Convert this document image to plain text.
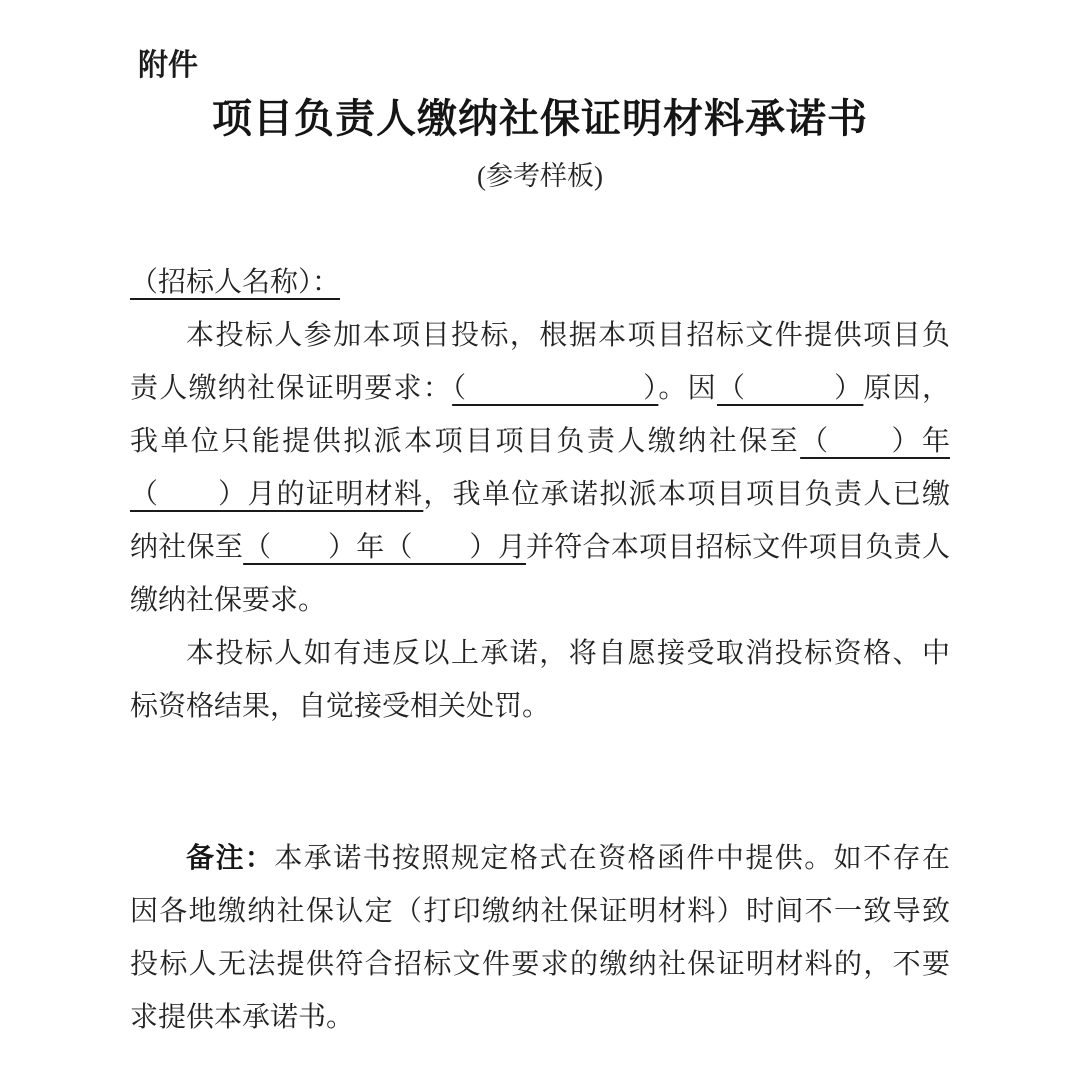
附件
项目负责人缴纳社保证明材料承诺书
(参考样板)
（招标人名称）：
本投标人参加本项目投标，根据本项目招标文件提供项目负
责人缴纳社保证明要求：（　　　　　　）。因（　　　）原因，
我单位只能提供拟派本项目项目负责人缴纳社保至（　　）年
（　　）月的证明材料，我单位承诺拟派本项目项目负责人已缴
纳社保至（　　）年（　　）月并符合本项目招标文件项目负责人
缴纳社保要求。
本投标人如有违反以上承诺，将自愿接受取消投标资格、中
标资格结果，自觉接受相关处罚。
备注：本承诺书按照规定格式在资格函件中提供。如不存在
因各地缴纳社保认定（打印缴纳社保证明材料）时间不一致导致
投标人无法提供符合招标文件要求的缴纳社保证明材料的，不要
求提供本承诺书。
